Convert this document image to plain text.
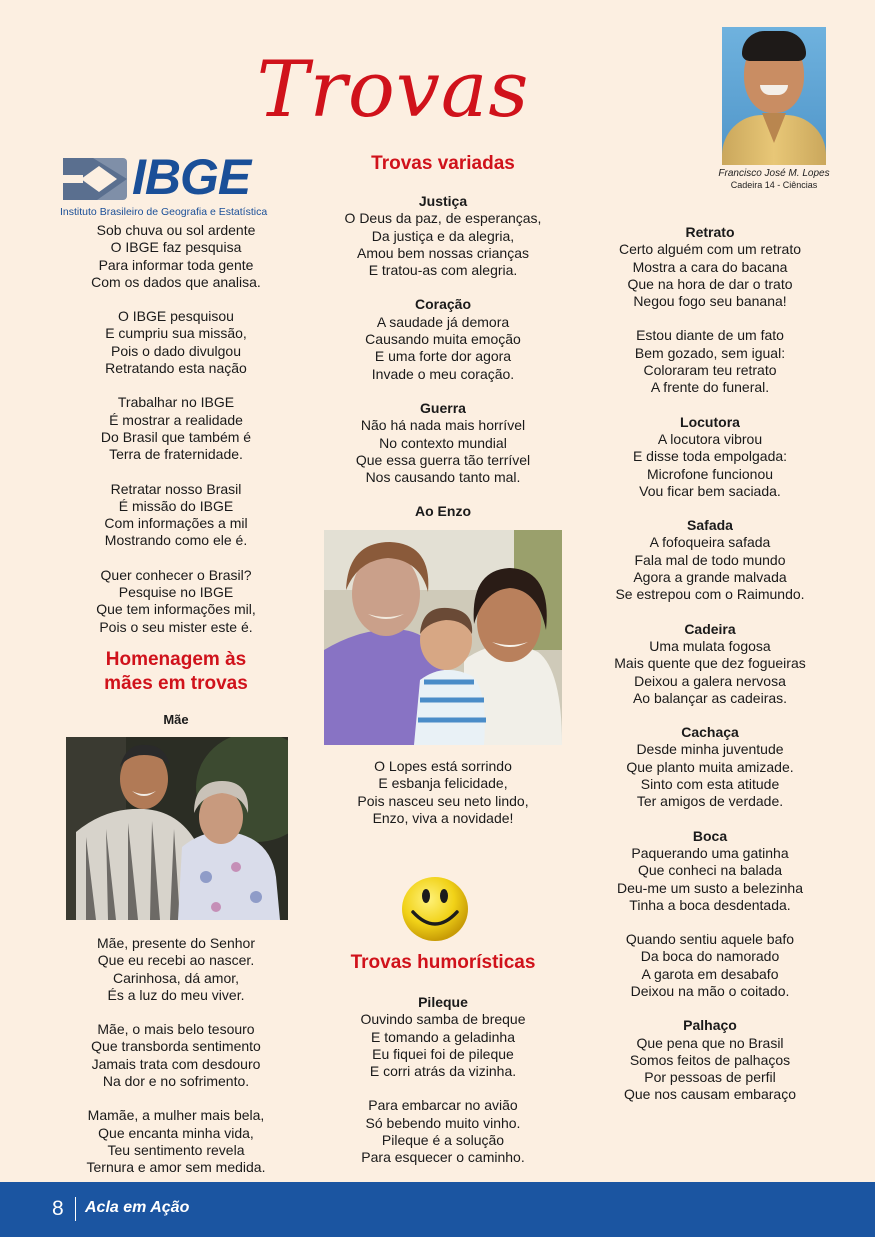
Trovas
Francisco José M. Lopes
Cadeira 14 - Ciências
IBGE
Instituto Brasileiro de Geografia e Estatística
Sob chuva ou sol ardente
O IBGE faz pesquisa
Para informar toda gente
Com os dados que analisa.
O IBGE pesquisou
E cumpriu sua missão,
Pois o dado divulgou
Retratando esta nação
Trabalhar no IBGE
É mostrar a realidade
Do Brasil que também é
Terra de fraternidade.
Retratar nosso Brasil
É missão do IBGE
Com informações a mil
Mostrando como ele é.
Quer conhecer o Brasil?
Pesquise no IBGE
Que tem informações mil,
Pois o seu mister este é.
Homenagem às
mães em trovas
Mãe
Mãe, presente do Senhor
Que eu recebi ao nascer.
Carinhosa, dá amor,
És a luz do meu viver.
Mãe, o mais belo tesouro
Que transborda sentimento
Jamais trata com desdouro
Na dor e no sofrimento.
Mamãe, a mulher mais bela,
Que encanta minha vida,
Teu sentimento revela
Ternura e amor sem medida.
Trovas variadas
Justiça
O Deus da paz, de esperanças,
Da justiça e da alegria,
Amou bem nossas crianças
E tratou-as com alegria.
Coração
A saudade já demora
Causando muita emoção
E uma forte dor agora
Invade o meu coração.
Guerra
Não há nada mais horrível
No contexto mundial
Que essa guerra tão terrível
Nos causando tanto mal.
Ao Enzo
O Lopes está sorrindo
E esbanja felicidade,
Pois nasceu seu neto lindo,
Enzo, viva a novidade!
Trovas humorísticas
Pileque
Ouvindo samba de breque
E tomando a geladinha
Eu fiquei foi de pileque
E corri atrás da vizinha.
Para embarcar no avião
Só bebendo muito vinho.
Pileque é a solução
Para esquecer o caminho.
Retrato
Certo alguém com um retrato
Mostra a cara do bacana
Que na hora de dar o trato
Negou fogo seu banana!
Estou diante de um fato
Bem gozado, sem igual:
Coloraram teu retrato
A frente do funeral.
Locutora
A locutora vibrou
E disse toda empolgada:
Microfone funcionou
Vou ficar bem saciada.
Safada
A fofoqueira safada
Fala mal de todo mundo
Agora a grande malvada
Se estrepou com o Raimundo.
Cadeira
Uma mulata fogosa
Mais quente que dez fogueiras
Deixou a galera nervosa
Ao balançar as cadeiras.
Cachaça
Desde minha juventude
Que planto muita amizade.
Sinto com esta atitude
Ter amigos de verdade.
Boca
Paquerando uma gatinha
Que conheci na balada
Deu-me um susto a belezinha
Tinha a boca desdentada.
Quando sentiu aquele bafo
Da boca do namorado
A garota em desabafo
Deixou na mão o coitado.
Palhaço
Que pena que no Brasil
Somos feitos de palhaços
Por pessoas de perfil
Que nos causam embaraço
8 Acla em Ação
